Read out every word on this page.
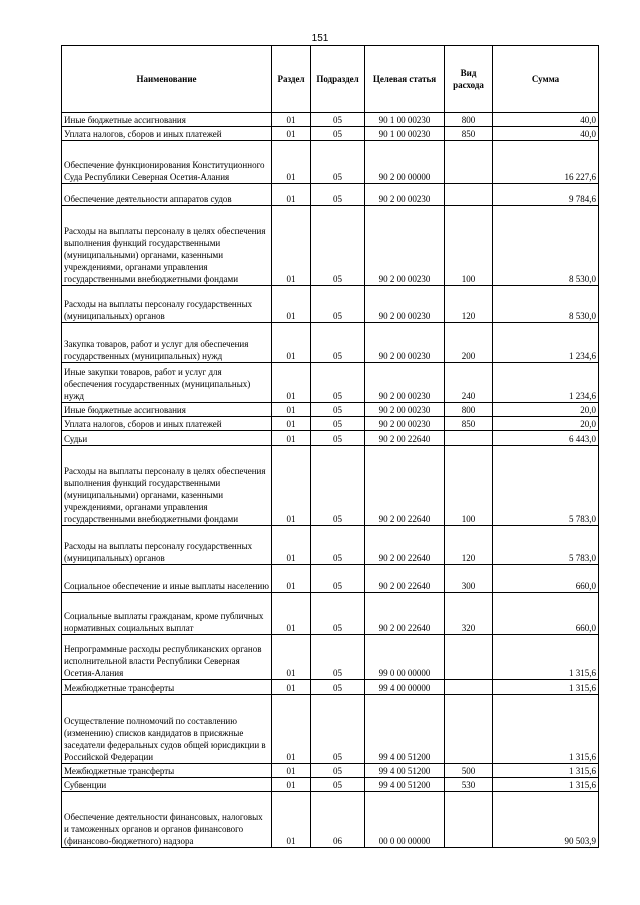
151
Наименование	Раздел	Подраздел	Целевая статья	Вид расхода	Сумма
Иные бюджетные ассигнования	01	05	90 1 00 00230	800	40,0
Уплата налогов, сборов и иных платежей	01	05	90 1 00 00230	850	40,0
Обеспечение функционирования Конституционного Суда Республики Северная Осетия-Алания	01	05	90 2 00 00000		16 227,6
Обеспечение деятельности аппаратов судов	01	05	90 2 00 00230		9 784,6
Расходы на выплаты персоналу в целях обеспечения выполнения функций государственными (муниципальными) органами, казенными учреждениями, органами управления государственными внебюджетными фондами	01	05	90 2 00 00230	100	8 530,0
Расходы на выплаты персоналу государственных (муниципальных) органов	01	05	90 2 00 00230	120	8 530,0
Закупка товаров, работ и услуг для обеспечения государственных (муниципальных) нужд	01	05	90 2 00 00230	200	1 234,6
Иные закупки товаров, работ и услуг для обеспечения государственных (муниципальных) нужд	01	05	90 2 00 00230	240	1 234,6
Иные бюджетные ассигнования	01	05	90 2 00 00230	800	20,0
Уплата налогов, сборов и иных платежей	01	05	90 2 00 00230	850	20,0
Судьи	01	05	90 2 00 22640		6 443,0
Расходы на выплаты персоналу в целях обеспечения выполнения функций государственными (муниципальными) органами, казенными учреждениями, органами управления государственными внебюджетными фондами	01	05	90 2 00 22640	100	5 783,0
Расходы на выплаты персоналу государственных (муниципальных) органов	01	05	90 2 00 22640	120	5 783,0
Социальное обеспечение и иные выплаты населению	01	05	90 2 00 22640	300	660,0
Социальные выплаты гражданам, кроме публичных нормативных социальных выплат	01	05	90 2 00 22640	320	660,0
Непрограммные расходы республиканских органов исполнительной власти Республики Северная Осетия-Алания	01	05	99 0 00 00000		1 315,6
Межбюджетные трансферты	01	05	99 4 00 00000		1 315,6
Осуществление полномочий по составлению (изменению) списков кандидатов в присяжные заседатели федеральных судов общей юрисдикции в Российской Федерации	01	05	99 4 00 51200		1 315,6
Межбюджетные трансферты	01	05	99 4 00 51200	500	1 315,6
Субвенции	01	05	99 4 00 51200	530	1 315,6
Обеспечение деятельности финансовых, налоговых и таможенных органов и органов финансового (финансово-бюджетного) надзора	01	06	00 0 00 00000		90 503,9
